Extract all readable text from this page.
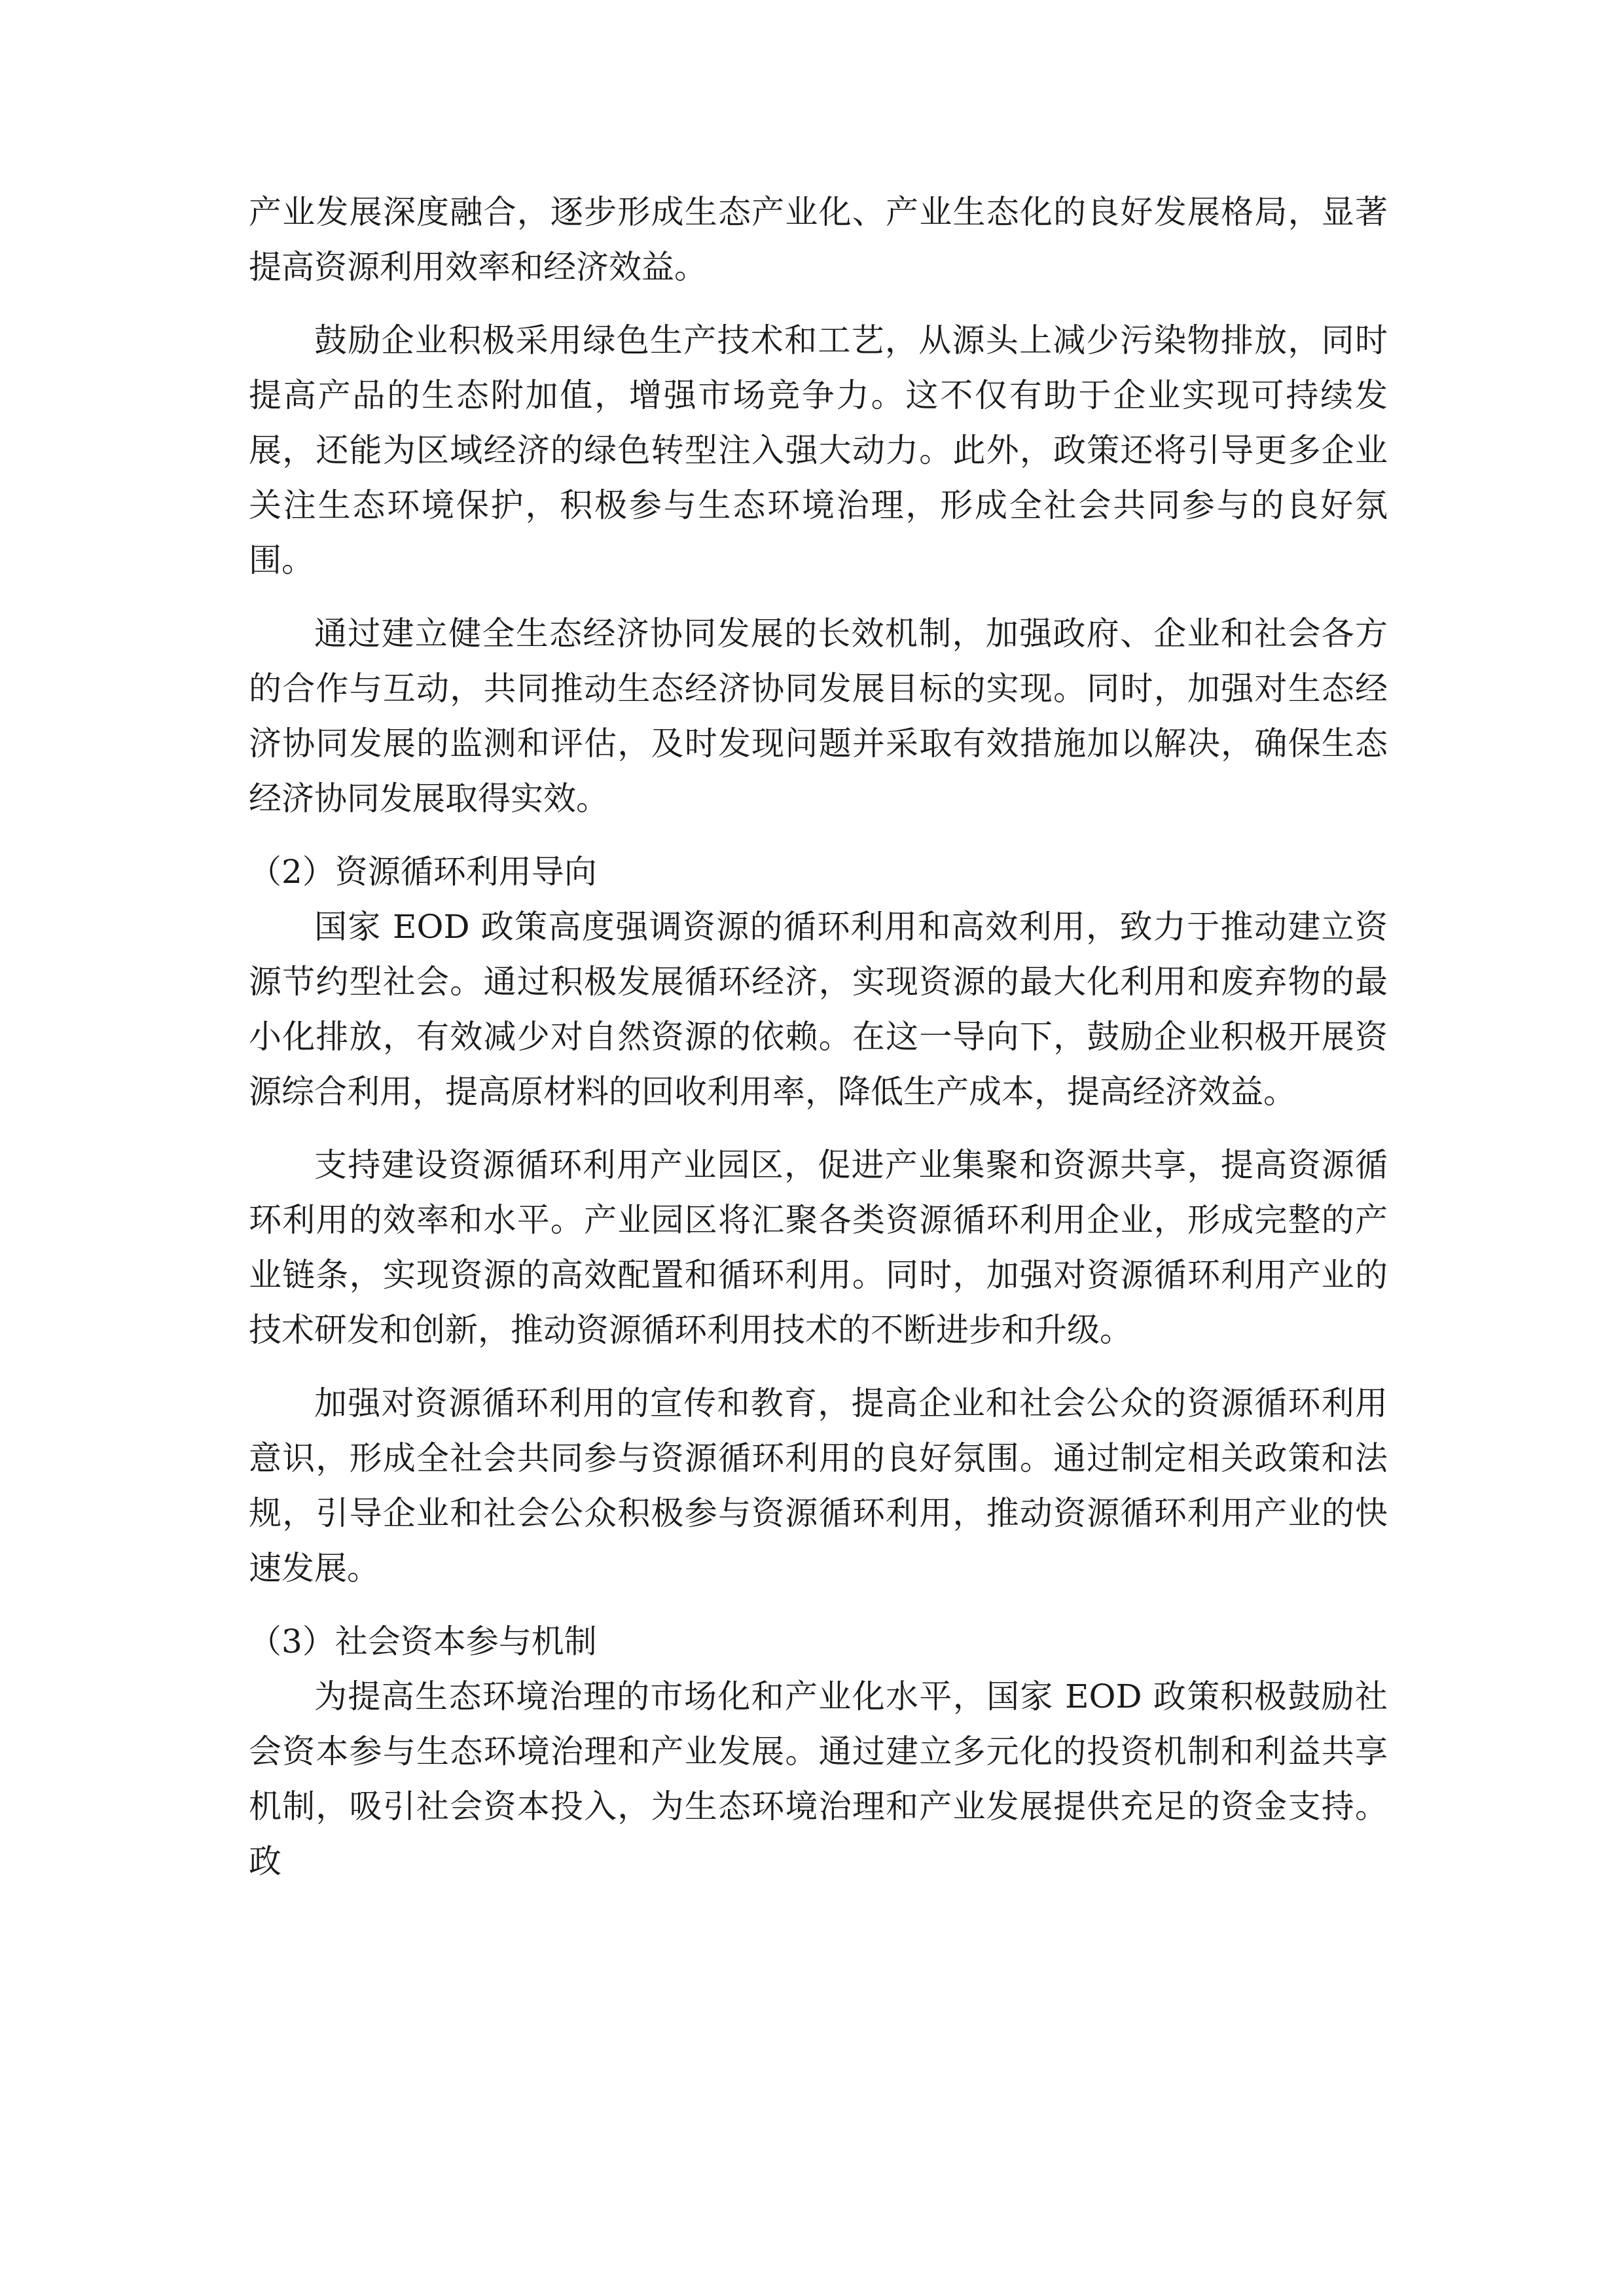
产业发展深度融合，逐步形成生态产业化、产业生态化的良好发展格局，显著提高资源利用效率和经济效益。

鼓励企业积极采用绿色生产技术和工艺，从源头上减少污染物排放，同时提高产品的生态附加值，增强市场竞争力。这不仅有助于企业实现可持续发展，还能为区域经济的绿色转型注入强大动力。此外，政策还将引导更多企业关注生态环境保护，积极参与生态环境治理，形成全社会共同参与的良好氛围。

通过建立健全生态经济协同发展的长效机制，加强政府、企业和社会各方的合作与互动，共同推动生态经济协同发展目标的实现。同时，加强对生态经济协同发展的监测和评估，及时发现问题并采取有效措施加以解决，确保生态经济协同发展取得实效。

（2）资源循环利用导向

国家 EOD 政策高度强调资源的循环利用和高效利用，致力于推动建立资源节约型社会。通过积极发展循环经济，实现资源的最大化利用和废弃物的最小化排放，有效减少对自然资源的依赖。在这一导向下，鼓励企业积极开展资源综合利用，提高原材料的回收利用率，降低生产成本，提高经济效益。

支持建设资源循环利用产业园区，促进产业集聚和资源共享，提高资源循环利用的效率和水平。产业园区将汇聚各类资源循环利用企业，形成完整的产业链条，实现资源的高效配置和循环利用。同时，加强对资源循环利用产业的技术研发和创新，推动资源循环利用技术的不断进步和升级。

加强对资源循环利用的宣传和教育，提高企业和社会公众的资源循环利用意识，形成全社会共同参与资源循环利用的良好氛围。通过制定相关政策和法规，引导企业和社会公众积极参与资源循环利用，推动资源循环利用产业的快速发展。

（3）社会资本参与机制

为提高生态环境治理的市场化和产业化水平，国家 EOD 政策积极鼓励社会资本参与生态环境治理和产业发展。通过建立多元化的投资机制和利益共享机制，吸引社会资本投入，为生态环境治理和产业发展提供充足的资金支持。政
